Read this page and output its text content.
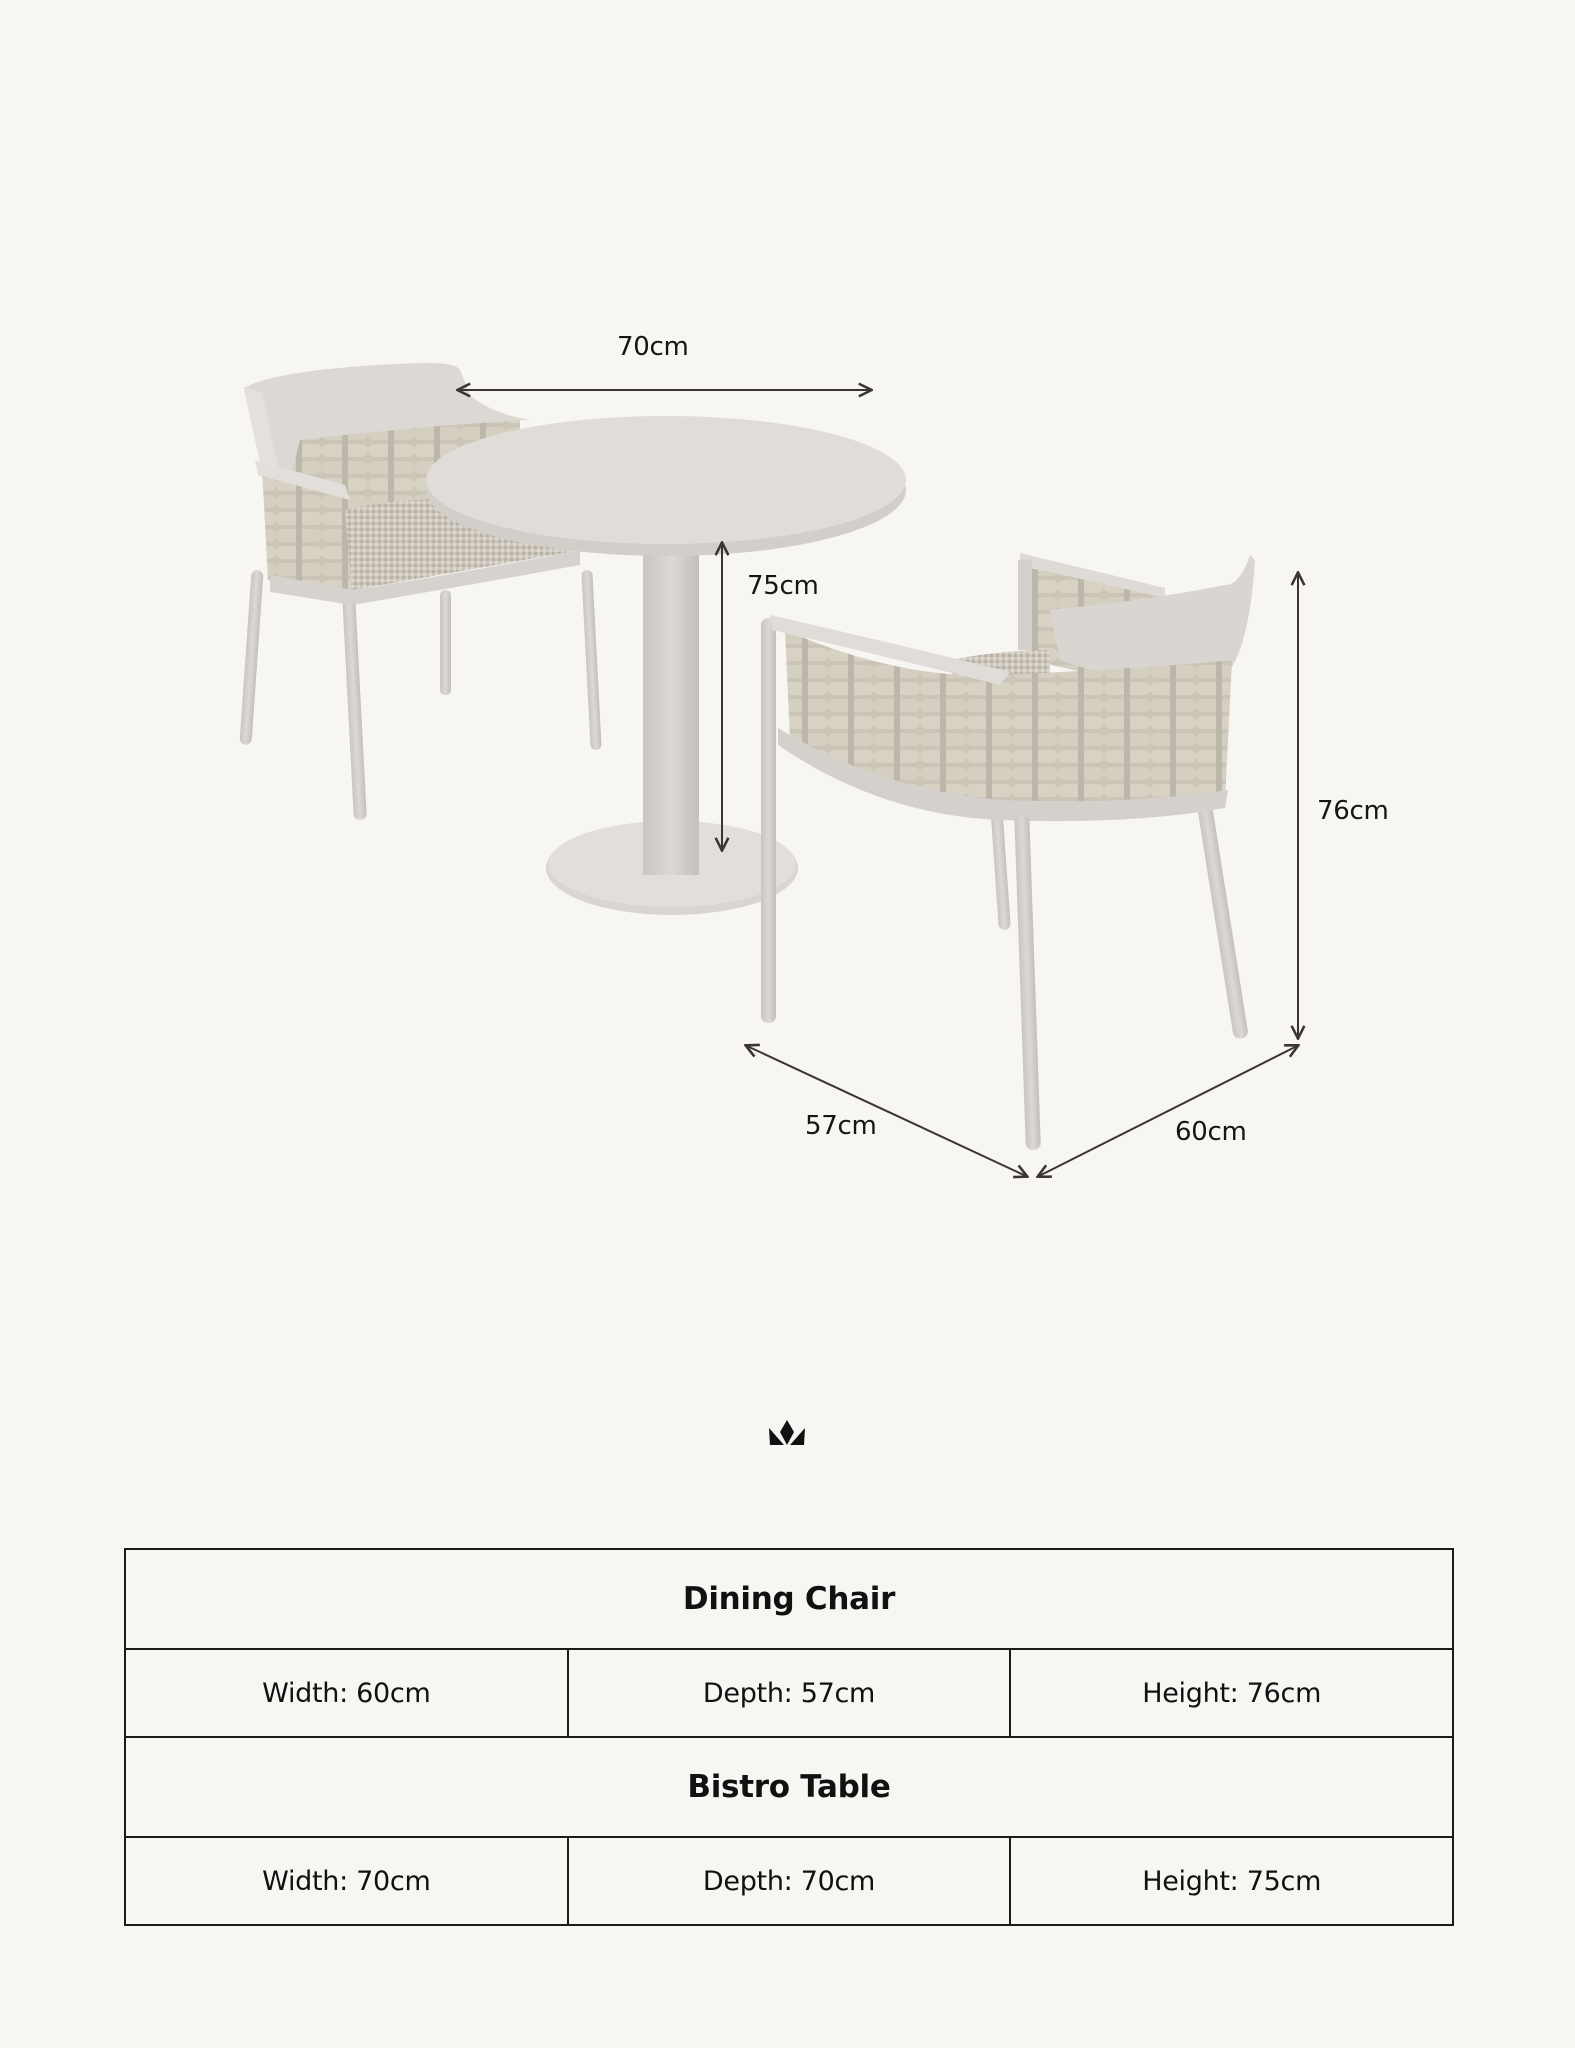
70cm
75cm
76cm
57cm	60cm
Dining Chair		
Width: 60cm	Depth: 57cm	Height: 76cm
Bistro Table		
Width: 70cm	Depth: 70cm	Height: 75cm
